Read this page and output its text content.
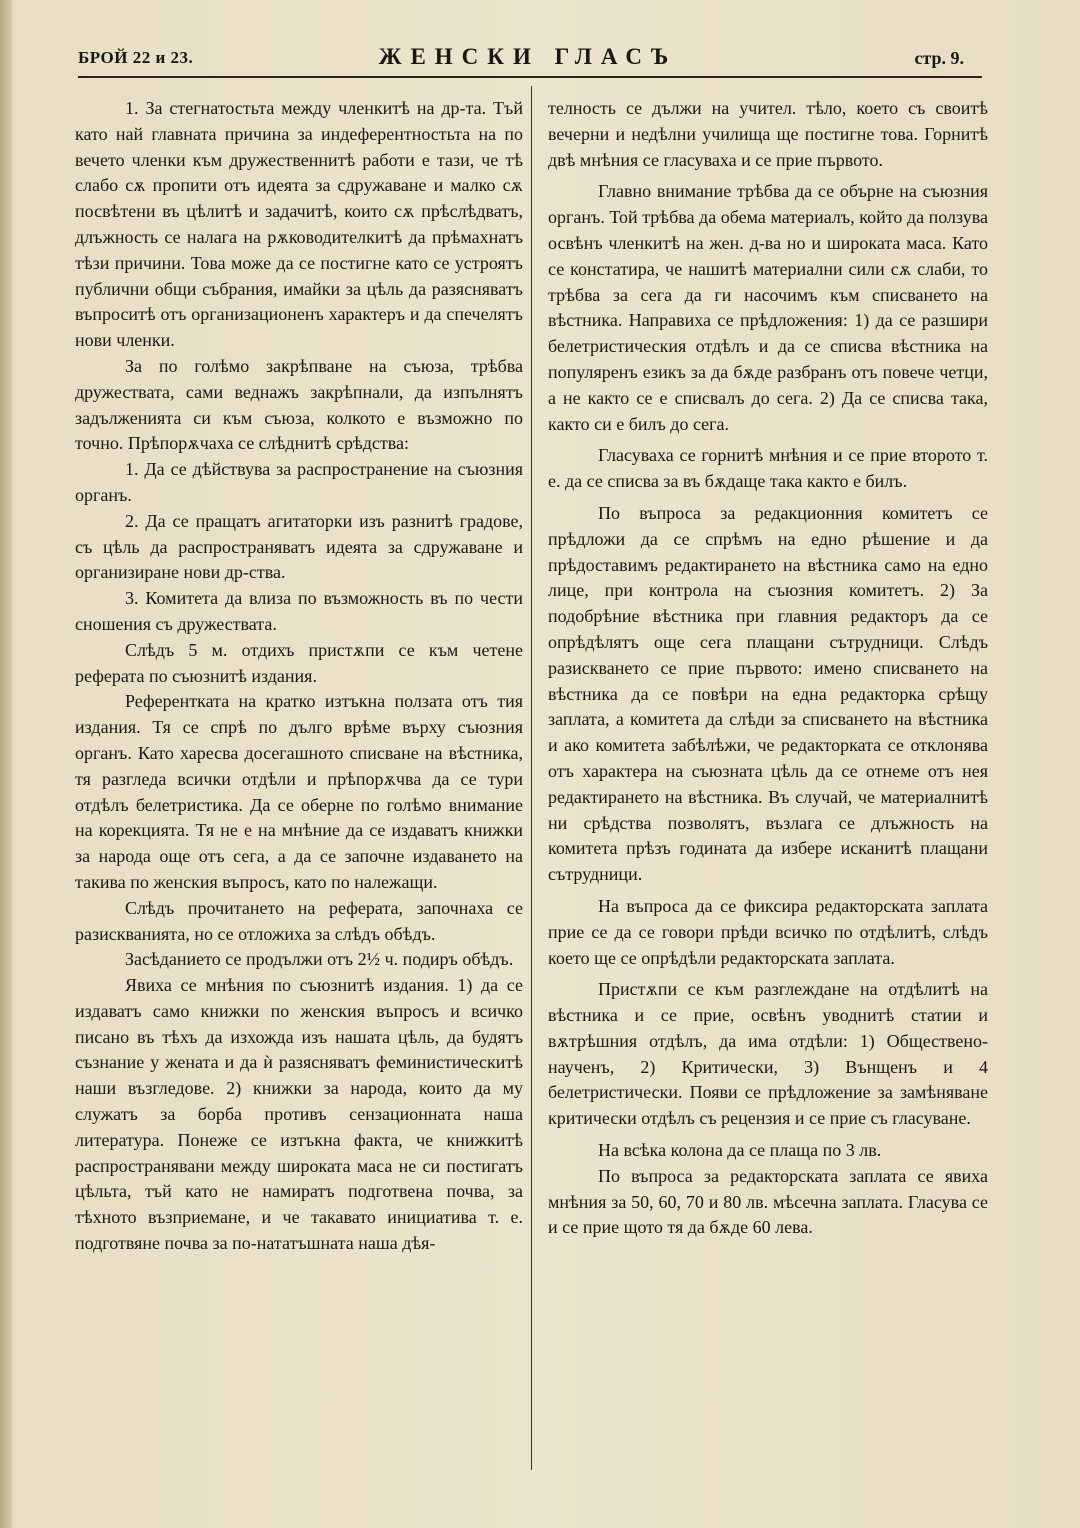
БРОЙ 22 и 23.	ЖЕНСКИ ГЛАСЪ	стр. 9.

1. За стегнатостьта между членкитѣ на др-та. Тъй като най главната причина за индеферентностьта на по вечето членки към дружественнитѣ работи е тази, че тѣ слабо сѫ пропити отъ идеята за сдружаване и малко сѫ посвѣтени въ цѣлитѣ и задачитѣ, които сѫ прѣслѣдватъ, длъжность се налага на рѫководителкитѣ да прѣмахнатъ тѣзи причини. Това може да се постигне като се устроятъ публични общи събрания, имайки за цѣль да разясняватъ въпроситѣ отъ организационенъ характеръ и да спечелятъ нови членки.

За по голѣмо закрѣпване на съюза, трѣбва дружествата, сами веднажъ закрѣпнали, да изпълнятъ задълженията си към съюза, колкото е възможно по точно. Прѣпорѫчаха се слѣднитѣ срѣдства:

1. Да се дѣйствува за распространение на съюзния органъ.

2. Да се пращатъ агитаторки изъ разнитѣ градове, съ цѣль да распространяватъ идеята за сдружаване и организиране нови др-ства.

3. Комитета да влиза по възможность въ по чести сношения съ дружествата.

Слѣдъ 5 м. отдихъ пристѫпи се към четене реферата по съюзнитѣ издания.

Референтката на кратко изтъкна ползата отъ тия издания. Тя се спрѣ по дълго врѣме върху съюзния органъ. Като харесва досегашното списване на вѣстника, тя разгледа всички отдѣли и прѣпорѫчва да се тури отдѣлъ белетристика. Да се оберне по голѣмо внимание на корекцията. Тя не е на мнѣние да се издаватъ книжки за народа още отъ сега, а да се започне издаването на такива по женския въпросъ, като по належащи.

Слѣдъ прочитането на реферата, започнаха се разискванията, но се отложиха за слѣдъ обѣдъ.

Засѣданието се продължи отъ 2½ ч. подиръ обѣдъ.

Явиха се мнѣния по съюзнитѣ издания. 1) да се издаватъ само книжки по женския въпросъ и всичко писано въ тѣхъ да изхожда изъ нашата цѣль, да будятъ съзнание у жената и да ѝ разясняватъ феминистическитѣ наши възгледове. 2) книжки за народа, които да му служатъ за борба противъ сензационната наша литература. Понеже се изтъкна факта, че книжкитѣ распространявани между широката маса не си постигатъ цѣльта, тъй като не намиратъ подготвена почва, за тѣхното възприемане, и че такавато инициатива т. е. подготвяне почва за по-нататъшната наша дѣя-

телность се дължи на учител. тѣло, което съ своитѣ вечерни и недѣлни училища ще постигне това. Горнитѣ двѣ мнѣния се гласуваха и се прие първото.

Главно внимание трѣбва да се обърне на съюзния органъ. Той трѣбва да обема материалъ, който да ползува освѣнъ членкитѣ на жен. д-ва но и широката маса. Като се констатира, че нашитѣ материални сили сѫ слаби, то трѣбва за сега да ги насочимъ към списването на вѣстника. Направиха се прѣдложения: 1) да се разшири белетристическия отдѣлъ и да се списва вѣстника на популяренъ езикъ за да бѫде разбранъ отъ повече четци, а не както се е списвалъ до сега. 2) Да се списва така, както си е билъ до сега.

Гласуваха се горнитѣ мнѣния и се прие второто т. е. да се списва за въ бѫдаще така както е билъ.

По въпроса за редакционния комитетъ се прѣдложи да се спрѣмъ на едно рѣшение и да прѣдоставимъ редактирането на вѣстника само на едно лице, при контрола на съюзния комитетъ. 2) За подобрѣние вѣстника при главния редакторъ да се опрѣдѣлятъ още сега плащани сътрудници. Слѣдъ разискването се прие първото: имено списването на вѣстника да се повѣри на една редакторка срѣщу заплата, а комитета да слѣди за списването на вѣстника и ако комитета забѣлѣжи, че редакторката се отклонява отъ характера на съюзната цѣль да се отнеме отъ нея редактирането на вѣстника. Въ случай, че материалнитѣ ни срѣдства позволятъ, възлага се длъжность на комитета прѣзъ годината да избере исканитѣ плащани сътрудници.

На въпроса да се фиксира редакторската заплата прие се да се говори прѣди всичко по отдѣлитѣ, слѣдъ което ще се опрѣдѣли редакторската заплата.

Пристѫпи се към разглеждане на отдѣлитѣ на вѣстника и се прие, освѣнъ уводнитѣ статии и вѫтрѣшния отдѣлъ, да има отдѣли: 1) Обществено-наученъ, 2) Критически, 3) Вънщенъ и 4 белетристически. Появи се прѣдложение за замѣняване критически отдѣлъ съ рецензия и се прие съ гласуване.

На всѣка колона да се плаща по 3 лв.

По въпроса за редакторската заплата се явиха мнѣния за 50, 60, 70 и 80 лв. мѣсечна заплата. Гласува се и се прие щото тя да бѫде 60 лева.
